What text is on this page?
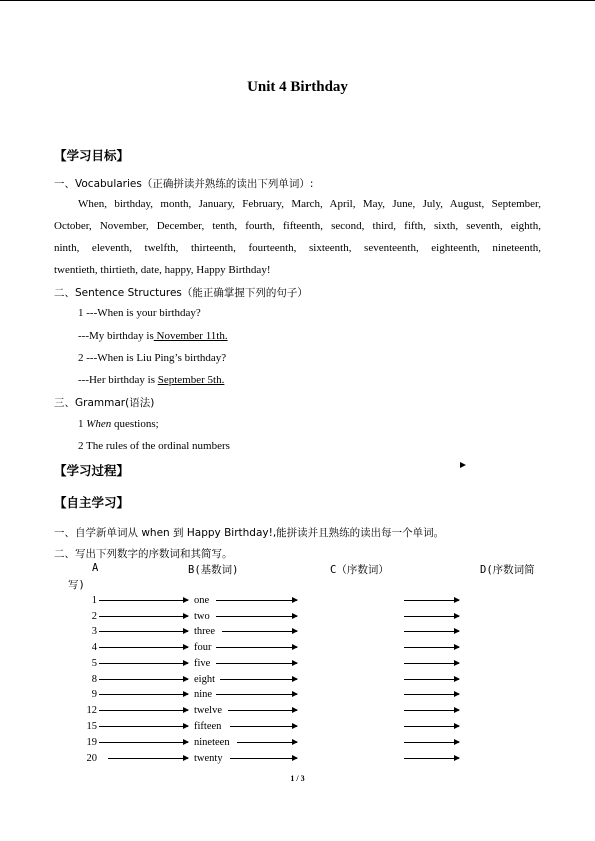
Unit 4 Birthday
【学习目标】
一、Vocabularies（正确拼读并熟练的读出下列单词）:
When, birthday, month, January, February, March, April, May, June, July, August, September,
October, November, December, tenth, fourth, fifteenth, second, third, fifth, sixth, seventh, eighth,
ninth, eleventh, twelfth, thirteenth, fourteenth, sixteenth, seventeenth, eighteenth, nineteenth,
twentieth, thirtieth, date, happy, Happy Birthday!
二、Sentence Structures（能正确掌握下列的句子）
1 ---When is your birthday?
---My birthday is November 11th.
2 ---When is Liu Ping’s birthday?
---Her birthday is September 5th.
三、Grammar(语法)
1 When questions;
2 The rules of the ordinal numbers
【学习过程】
【自主学习】
一、自学新单词从 when 到 Happy Birthday!,能拼读并且熟练的读出每一个单词。
二、写出下列数字的序数词和其简写。
A	B(基数词)	C（序数词）	D(序数词简
写)
1	one
2	two
3	three
4	four
5	five
8	eight
9	nine
12	twelve
15	fifteen
19	nineteen
20	twenty
1 / 3
